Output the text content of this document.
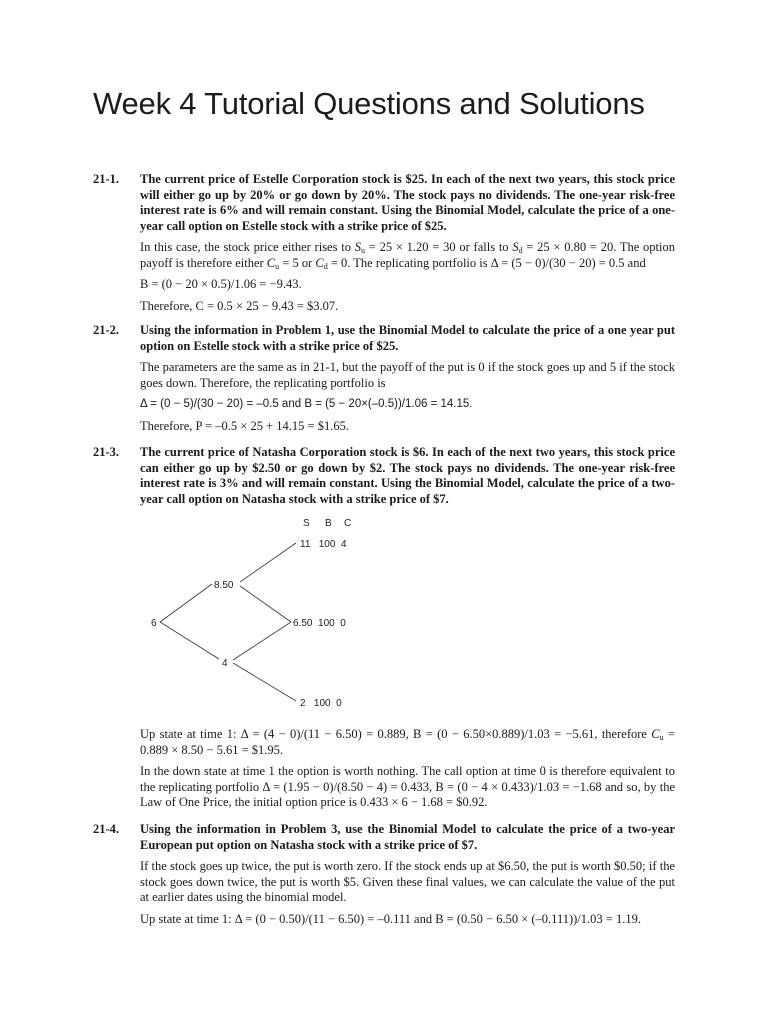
Week 4 Tutorial Questions and Solutions
21-1. The current price of Estelle Corporation stock is $25. In each of the next two years, this stock price will either go up by 20% or go down by 20%. The stock pays no dividends. The one-year risk-free interest rate is 6% and will remain constant. Using the Binomial Model, calculate the price of a one-year call option on Estelle stock with a strike price of $25.

In this case, the stock price either rises to $S_u = 25 \times 1.20 = 30$ or falls to $S_d = 25 \times 0.80 = 20$. The option payoff is therefore either $C_u = 5$ or $C_d = 0$. The replicating portfolio is Δ = (5 − 0)/(30 − 20) = 0.5 and

B = (0 − 20 × 0.5)/1.06 = −9.43.

Therefore, C = 0.5 × 25 − 9.43 = $3.07.

21-2. Using the information in Problem 1, use the Binomial Model to calculate the price of a one year put option on Estelle stock with a strike price of $25.

The parameters are the same as in 21-1, but the payoff of the put is 0 if the stock goes up and 5 if the stock goes down. Therefore, the replicating portfolio is

Δ = (0 − 5)/(30 − 20) = –0.5 and B = (5 − 20×(–0.5))/1.06 = 14.15.

Therefore, P = –0.5 × 25 + 14.15 = $1.65.

21-3. The current price of Natasha Corporation stock is $6. In each of the next two years, this stock price can either go up by $2.50 or go down by $2. The stock pays no dividends. The one-year risk-free interest rate is 3% and will remain constant. Using the Binomial Model, calculate the price of a two-year call option on Natasha stock with a strike price of $7.

S B C
11   100  4
8.50
6	6.50  100  0
4
2   100  0

Up state at time 1: Δ = (4 − 0)/(11 − 6.50) = 0.889, B = (0 − 6.50×0.889)/1.03 = −5.61, therefore $C_u = 0.889 \times 8.50 - 5.61$ = $1.95.

In the down state at time 1 the option is worth nothing. The call option at time 0 is therefore equivalent to the replicating portfolio Δ = (1.95 − 0)/(8.50 − 4) = 0.433, B = (0 − 4 × 0.433)/1.03 = −1.68 and so, by the Law of One Price, the initial option price is 0.433 × 6 − 1.68 = $0.92.

21-4. Using the information in Problem 3, use the Binomial Model to calculate the price of a two-year European put option on Natasha stock with a strike price of $7.

If the stock goes up twice, the put is worth zero. If the stock ends up at $6.50, the put is worth $0.50; if the stock goes down twice, the put is worth $5. Given these final values, we can calculate the value of the put at earlier dates using the binomial model.

Up state at time 1: Δ = (0 − 0.50)/(11 − 6.50) = –0.111 and B = (0.50 − 6.50 × (–0.111))/1.03 = 1.19.
